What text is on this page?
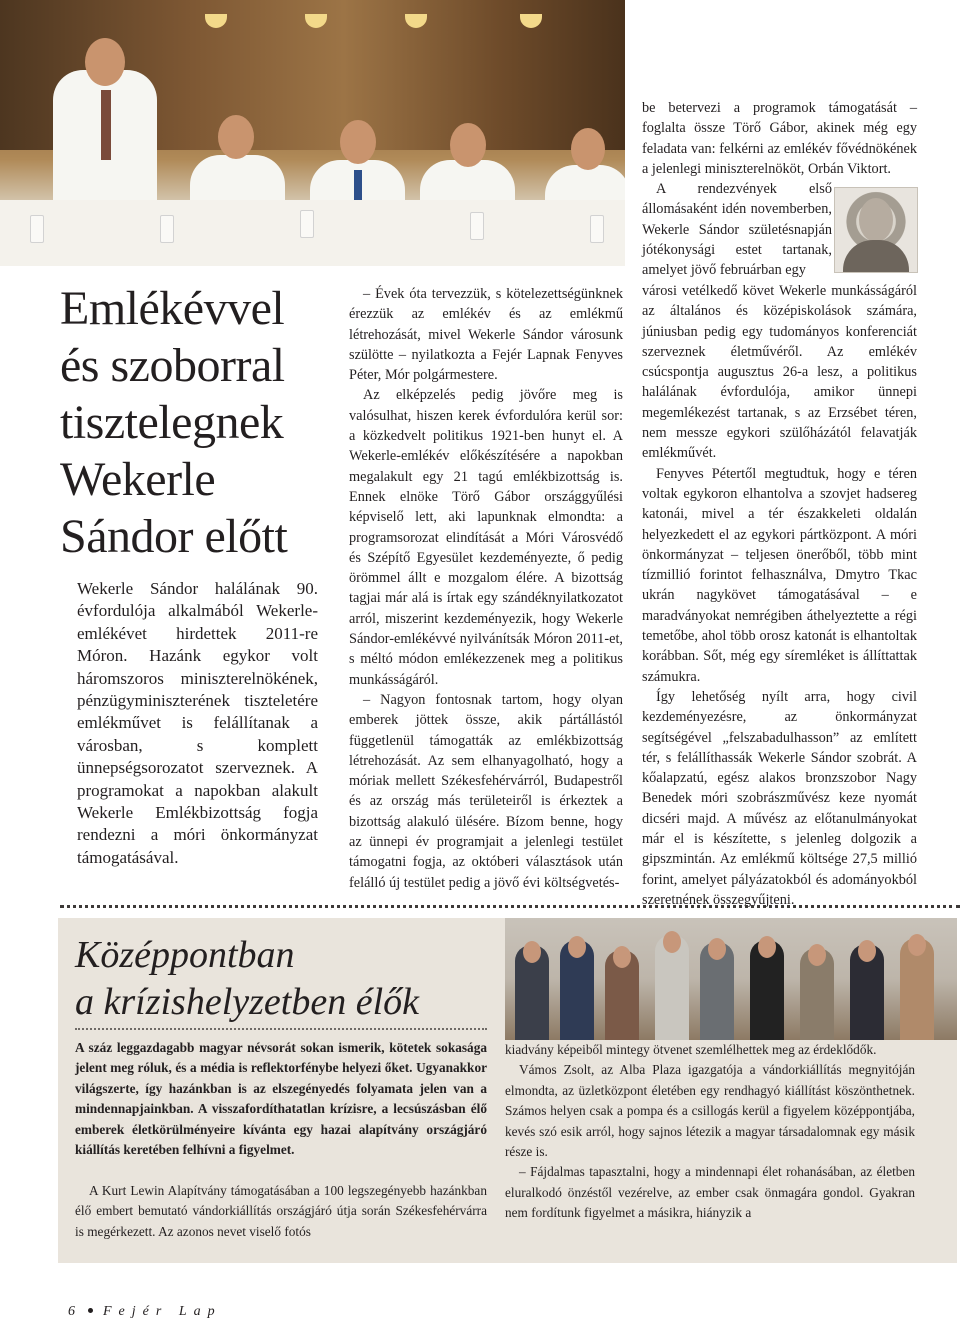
Emlékévvel
és szoborral
tisztelegnek
Wekerle
Sándor előtt

Wekerle Sándor halálának 90. évfordulója alkalmából Wekerle-emlékévet hirdettek 2011-re Móron. Hazánk egykor volt háromszoros miniszterelnökének, pénzügyminiszterének tiszteletére emlékművet is felállítanak a városban, s komplett ünnepségsorozatot szerveznek. A programokat a napokban alakult Wekerle Emlékbizottság fogja rendezni a móri önkormányzat támogatásával.

– Évek óta tervezzük, s kötelezettségünknek érezzük az emlékév és az emlékmű létrehozását, mivel Wekerle Sándor városunk szülötte – nyilatkozta a Fejér Lapnak Fenyves Péter, Mór polgármestere.

Az elképzelés pedig jövőre meg is valósulhat, hiszen kerek évfordulóra kerül sor: a közkedvelt politikus 1921-ben hunyt el. A Wekerle-emlékév előkészítésére a napokban megalakult egy 21 tagú emlékbizottság is. Ennek elnöke Törő Gábor országgyűlési képviselő lett, aki lapunknak elmondta: a programsorozat elindítását a Móri Városvédő és Szépítő Egyesület kezdeményezte, ő pedig örömmel állt e mozgalom élére. A bizottság tagjai már alá is írtak egy szándéknyilatkozatot arról, miszerint kezdeményezik, hogy Wekerle Sándor-emlékévvé nyilvánítsák Móron 2011-et, s méltó módon emlékezzenek meg a politikus munkásságáról.

– Nagyon fontosnak tartom, hogy olyan emberek jöttek össze, akik pártállástól függetlenül támogatták az emlékbizottság létrehozását. Az sem elhanyagolható, hogy a móriak mellett Székesfehérvárról, Budapestről és az ország más területeiről is érkeztek a bizottság alakuló ülésére. Bízom benne, hogy az ünnepi év programjait a jelenlegi testület támogatni fogja, az októberi választások után felálló új testület pedig a jövő évi költségvetés-

be betervezi a programok támogatását – foglalta össze Törő Gábor, akinek még egy feladata van: felkérni az emlékév fővédnökének a jelenlegi miniszterelnököt, Orbán Viktort.

A rendezvények első állomásaként idén novemberben, Wekerle Sándor születésnapján jótékonysági estet tartanak, amelyet jövő februárban egy

városi vetélkedő követ Wekerle munkásságáról az általános és középiskolások számára, júniusban pedig egy tudományos konferenciát szerveznek életművéről. Az emlékév csúcspontja augusztus 26-a lesz, a politikus halálának évfordulója, amikor ünnepi megemlékezést tartanak, s az Erzsébet téren, nem messze egykori szülőházától felavatják emlékművét.

Fenyves Pétertől megtudtuk, hogy e téren voltak egykoron elhantolva a szovjet hadsereg katonái, mivel a tér északkeleti oldalán helyezkedett el az egykori pártközpont. A móri önkormányzat – teljesen önerőből, több mint tízmillió forintot felhasználva, Dmytro Tkac ukrán nagykövet támogatásával – e maradványokat nemrégiben áthelyeztette a régi temetőbe, ahol több orosz katonát is elhantoltak korábban. Sőt, még egy síremléket is állíttattak számukra.

Így lehetőség nyílt arra, hogy civil kezdeményezésre, az önkormányzat segítségével „felszabadulhasson” az említett tér, s felállíthassák Wekerle Sándor szobrát. A kőalapzatú, egész alakos bronzszobor Nagy Benedek móri szobrászművész keze nyomát dicséri majd. A művész az előtanulmányokat már el is készítette, s jelenleg dolgozik a gipszmintán. Az emlékmű költsége 27,5 millió forint, amelyet pályázatokból és adományokból szeretnének összegyűjteni.

Középpontban
a krízishelyzetben élők

A száz leggazdagabb magyar névsorát sokan ismerik, kötetek sokasága jelent meg róluk, és a média is reflektorfénybe helyezi őket. Ugyanakkor világszerte, így hazánkban is az elszegényedés folyamata jelen van a mindennapjainkban. A visszafordíthatatlan krízisre, a lecsúszásban élő emberek életkörülményeire kívánta egy hazai alapítvány országjáró kiállítás keretében felhívni a figyelmet.

A Kurt Lewin Alapítvány támogatásában a 100 legszegényebb hazánkban élő embert bemutató vándorkiállítás országjáró útja során Székesfehérvárra is megérkezett. Az azonos nevet viselő fotós

kiadvány képeiből mintegy ötvenet szemlélhettek meg az érdeklődők.

Vámos Zsolt, az Alba Plaza igazgatója a vándorkiállítás megnyitóján elmondta, az üzletközpont életében egy rendhagyó kiállítást köszönthetnek. Számos helyen csak a pompa és a csillogás kerül a figyelem középpontjába, kevés szó esik arról, hogy sajnos létezik a magyar társadalomnak egy másik része is.

– Fájdalmas tapasztalni, hogy a mindennapi élet rohanásában, az életben eluralkodó önzéstől vezérelve, az ember csak önmagára gondol. Gyakran nem fordítunk figyelmet a másikra, hiányzik a

6 Fejér Lap
